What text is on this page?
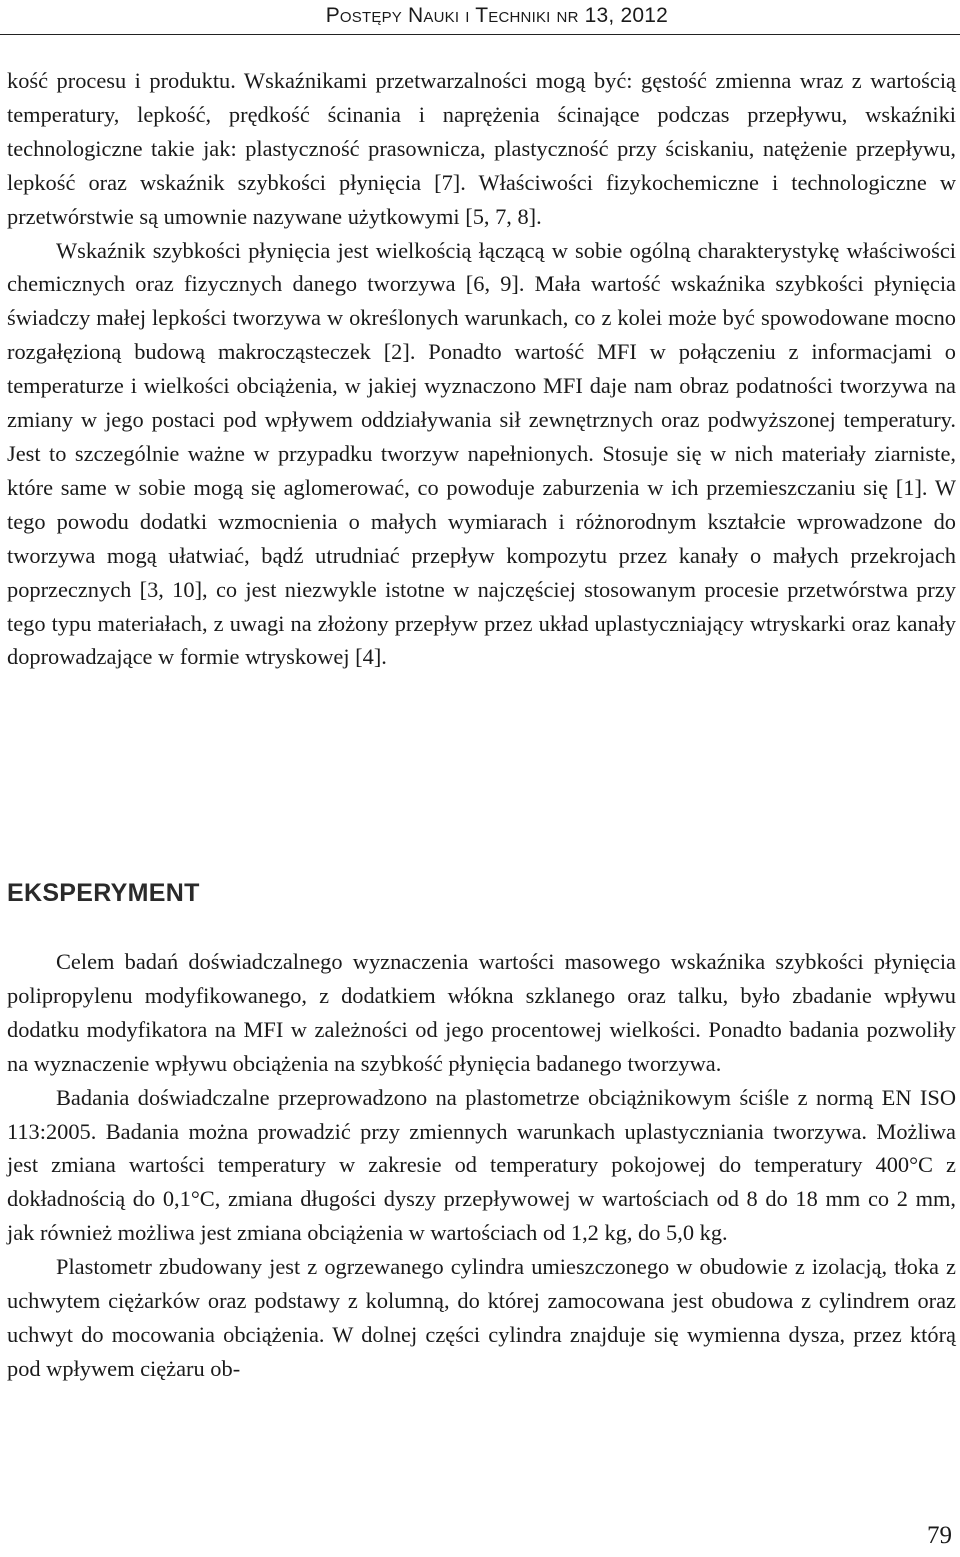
Postępy Nauki i Techniki nr 13, 2012

kość procesu i produktu. Wskaźnikami przetwarzalności mogą być: gęstość zmienna wraz z wartością temperatury, lepkość, prędkość ścinania i naprężenia ścinające podczas przepływu, wskaźniki technologiczne takie jak: plastyczność prasownicza, plastyczność przy ściskaniu, natężenie przepływu, lepkość oraz wskaźnik szybkości płynięcia [7]. Właściwości fizykochemiczne i technologiczne w przetwórstwie są umownie nazywane użytkowymi [5, 7, 8].

Wskaźnik szybkości płynięcia jest wielkością łączącą w sobie ogólną charakterystykę właściwości chemicznych oraz fizycznych danego tworzywa [6, 9]. Mała wartość wskaźnika szybkości płynięcia świadczy małej lepkości tworzywa w określonych warunkach, co z kolei może być spowodowane mocno rozgałęzioną budową makrocząsteczek [2]. Ponadto wartość MFI w połączeniu z informacjami o temperaturze i wielkości obciążenia, w jakiej wyznaczono MFI daje nam obraz podatności tworzywa na zmiany w jego postaci pod wpływem oddziaływania sił zewnętrznych oraz podwyższonej temperatury. Jest to szczególnie ważne w przypadku tworzyw napełnionych. Stosuje się w nich materiały ziarniste, które same w sobie mogą się aglomerować, co powoduje zaburzenia w ich przemieszczaniu się [1]. W tego powodu dodatki wzmocnienia o małych wymiarach i różnorodnym kształcie wprowadzone do tworzywa mogą ułatwiać, bądź utrudniać przepływ kompozytu przez kanały o małych przekrojach poprzecznych [3, 10], co jest niezwykle istotne w najczęściej stosowanym procesie przetwórstwa przy tego typu materiałach, z uwagi na złożony przepływ przez układ uplastyczniający wtryskarki oraz kanały doprowadzające w formie wtryskowej [4].

EKSPERYMENT

Celem badań doświadczalnego wyznaczenia wartości masowego wskaźnika szybkości płynięcia polipropylenu modyfikowanego, z dodatkiem włókna szklanego oraz talku, było zbadanie wpływu dodatku modyfikatora na MFI w zależności od jego procentowej wielkości. Ponadto badania pozwoliły na wyznaczenie wpływu obciążenia na szybkość płynięcia badanego tworzywa.

Badania doświadczalne przeprowadzono na plastometrze obciążnikowym ściśle z normą EN ISO 113:2005. Badania można prowadzić przy zmiennych warunkach uplastyczniania tworzywa. Możliwa jest zmiana wartości temperatury w zakresie od temperatury pokojowej do temperatury 400°C z dokładnością do 0,1°C, zmiana długości dyszy przepływowej w wartościach od 8 do 18 mm co 2 mm, jak również możliwa jest zmiana obciążenia w wartościach od 1,2 kg, do 5,0 kg.

Plastometr zbudowany jest z ogrzewanego cylindra umieszczonego w obudowie z izolacją, tłoka z uchwytem ciężarków oraz podstawy z kolumną, do której zamocowana jest obudowa z cylindrem oraz uchwyt do mocowania obciążenia. W dolnej części cylindra znajduje się wymienna dysza, przez którą pod wpływem ciężaru ob-

79
